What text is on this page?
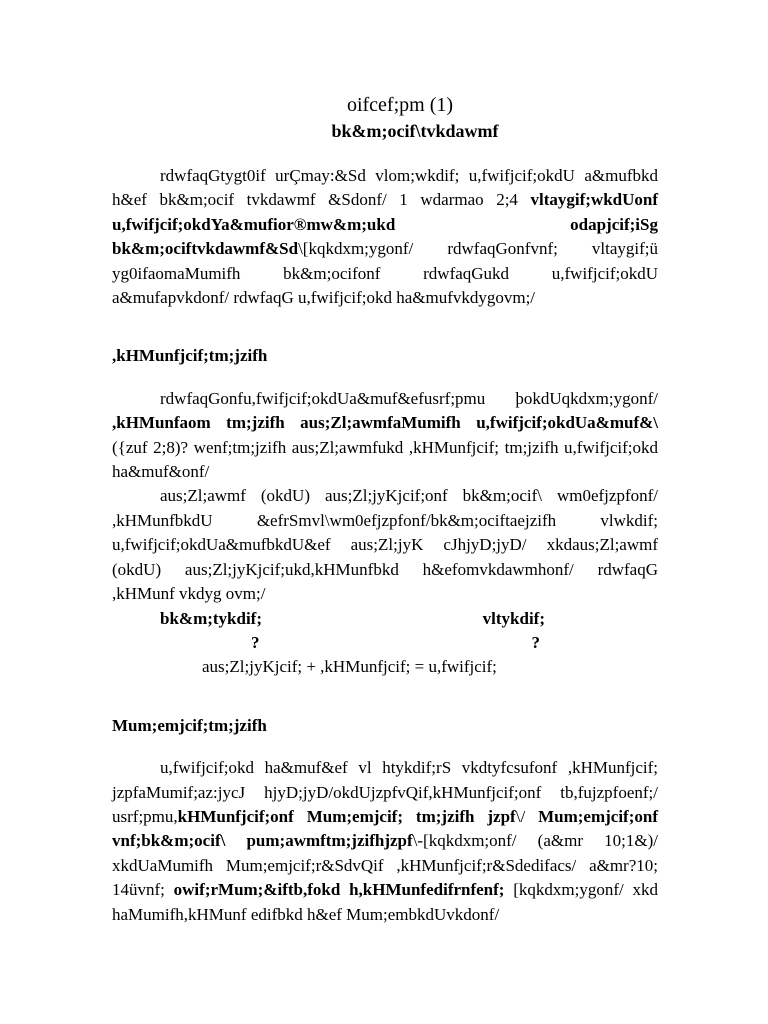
oifcef;pm (1)

bk&m;ocif\tvkdawmf

rdwfaqGtygt0if urÇmay:&Sd vlom;wkdif; u,fwifjcif;okdU a&mufbkd h&ef bk&m;ocif tvkdawmf &Sdonf/ 1 wdarmao 2;4 vltaygif;wkdUonf u,fwifjcif;okdYa&mufior®mw&m;ukd odapjcif;iSg bk&m;ociftvkdawmf&Sd\[kqkdxm;ygonf/ rdwfaqGonfvnf; vltaygif;ü yg0ifaomaMumifh bk&m;ocifonf rdwfaqGukd u,fwifjcif;okdU a&mufapvkdonf/ rdwfaqG u,fwifjcif;okd ha&mufvkdygovm;/

,kHMunfjcif;tm;jzifh

rdwfaqGonfu,fwifjcif;okdUa&muf&efusrf;pmu þokdUqkdxm;ygonf/ ,kHMunfaom tm;jzifh aus;Zl;awmfaMumifh u,fwifjcif;okdUa&muf&\ ({zuf 2;8)? wenf;tm;jzifh aus;Zl;awmfukd ,kHMunfjcif; tm;jzifh u,fwifjcif;okd ha&muf&onf/

aus;Zl;awmf (okdU) aus;Zl;jyKjcif;onf bk&m;ocif\ wm0efjzpfonf/ ,kHMunfbkdU &efrSmvl\wm0efjzpfonf/bk&m;ociftaejzifh vlwkdif; u,fwifjcif;okdUa&mufbkdU&ef aus;Zl;jyK cJhjyD;jyD/ xkdaus;Zl;awmf (okdU) aus;Zl;jyKjcif;ukd,kHMunfbkd h&efomvkdawmhonf/ rdwfaqG ,kHMunf vkdyg ovm;/

bk&m;tykdif;	vltykdif;
?	?

aus;Zl;jyKjcif; + ,kHMunfjcif; = u,fwifjcif;

Mum;emjcif;tm;jzifh

u,fwifjcif;okd ha&muf&ef vl htykdif;rS vkdtyfcsufonf ,kHMunfjcif; jzpfaMumif;az:jycJ hjyD;jyD/okdUjzpfvQif,kHMunfjcif;onf tb,fujzpfoenf;/ usrf;pmu,kHMunfjcif;onf Mum;emjcif; tm;jzifh jzpf\/ Mum;emjcif;onf vnf;bk&m;ocif\ pum;awmftm;jzifhjzpf\-[kqkdxm;onf/ (a&mr 10;1&)/ xkdUaMumifh Mum;emjcif;r&SdvQif ,kHMunfjcif;r&Sdedifacs/ a&mr?10; 14üvnf; owif;rMum;&iftb,fokd h,kHMunfedifrnfenf; [kqkdxm;ygonf/ xkd haMumifh,kHMunf edifbkd h&ef Mum;embkdUvkdonf/
